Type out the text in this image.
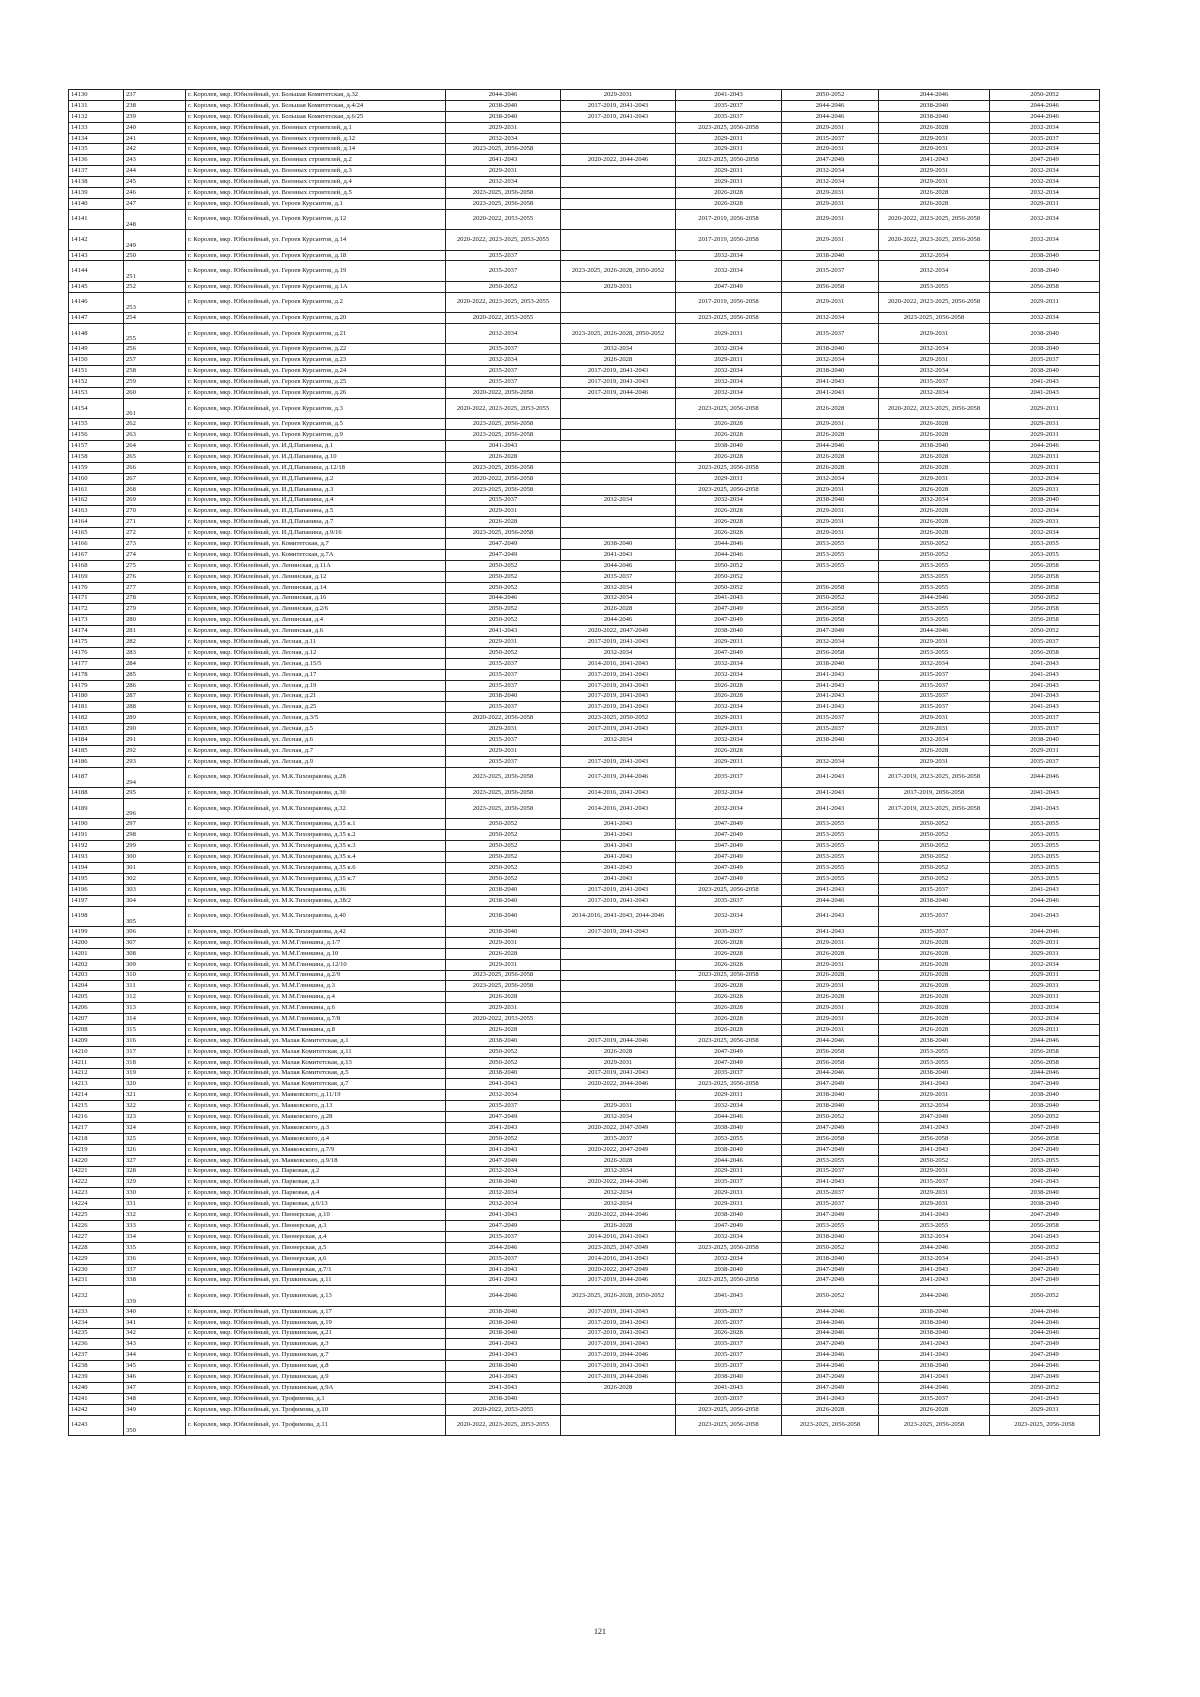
14130	237	г. Королев, мкр. Юбилейный, ул. Большая Комитетская, д.32	2044-2046	2029-2031	2041-2043	2050-2052	2044-2046	2050-2052
14131	238	г. Королев, мкр. Юбилейный, ул. Большая Комитетская, д.4/24	2038-2040	2017-2019, 2041-2043	2035-2037	2044-2046	2038-2040	2044-2046
14132	239	г. Королев, мкр. Юбилейный, ул. Большая Комитетская, д.6/25	2038-2040	2017-2019, 2041-2043	2035-2037	2044-2046	2038-2040	2044-2046
14133	240	г. Королев, мкр. Юбилейный, ул. Военных строителей, д.1	2029-2031		2023-2025, 2056-2058	2029-2031	2026-2028	2032-2034
14134	241	г. Королев, мкр. Юбилейный, ул. Военных строителей, д.12	2032-2034		2029-2031	2035-2037	2029-2031	2035-2037
14135	242	г. Королев, мкр. Юбилейный, ул. Военных строителей, д.14	2023-2025, 2056-2058		2029-2031	2029-2031	2029-2031	2032-2034
14136	243	г. Королев, мкр. Юбилейный, ул. Военных строителей, д.2	2041-2043	2020-2022, 2044-2046	2023-2025, 2056-2058	2047-2049	2041-2043	2047-2049
14137	244	г. Королев, мкр. Юбилейный, ул. Военных строителей, д.3	2029-2031		2029-2031	2032-2034	2029-2031	2032-2034
14138	245	г. Королев, мкр. Юбилейный, ул. Военных строителей, д.4	2032-2034		2029-2031	2032-2034	2029-2031	2032-2034
14139	246	г. Королев, мкр. Юбилейный, ул. Военных строителей, д.5	2023-2025, 2056-2058		2026-2028	2029-2031	2026-2028	2032-2034
14140	247	г. Королев, мкр. Юбилейный, ул. Героев Курсантов, д.1	2023-2025, 2056-2058		2026-2028	2029-2031	2026-2028	2029-2031
14141	248	г. Королев, мкр. Юбилейный, ул. Героев Курсантов, д.12	2020-2022, 2053-2055		2017-2019, 2056-2058	2029-2031	2020-2022, 2023-2025, 2056-2058	2032-2034
14142	249	г. Королев, мкр. Юбилейный, ул. Героев Курсантов, д.14	2020-2022, 2023-2025, 2053-2055		2017-2019, 2056-2058	2029-2031	2020-2022, 2023-2025, 2056-2058	2032-2034
14143	250	г. Королев, мкр. Юбилейный, ул. Героев Курсантов, д.18	2035-2037		2032-2034	2038-2040	2032-2034	2038-2040
14144	251	г. Королев, мкр. Юбилейный, ул. Героев Курсантов, д.19	2035-2037	2023-2025, 2026-2028, 2050-2052	2032-2034	2035-2037	2032-2034	2038-2040
14145	252	г. Королев, мкр. Юбилейный, ул. Героев Курсантов, д.1А	2050-2052	2029-2031	2047-2049	2056-2058	2053-2055	2056-2058
14146	253	г. Королев, мкр. Юбилейный, ул. Героев Курсантов, д.2	2020-2022, 2023-2025, 2053-2055		2017-2019, 2056-2058	2029-2031	2020-2022, 2023-2025, 2056-2058	2029-2031
14147	254	г. Королев, мкр. Юбилейный, ул. Героев Курсантов, д.20	2020-2022, 2053-2055		2023-2025, 2056-2058	2032-2034	2023-2025, 2056-2058	2032-2034
14148	255	г. Королев, мкр. Юбилейный, ул. Героев Курсантов, д.21	2032-2034	2023-2025, 2026-2028, 2050-2052	2029-2031	2035-2037	2029-2031	2038-2040
14149	256	г. Королев, мкр. Юбилейный, ул. Героев Курсантов, д.22	2035-2037	2032-2034	2032-2034	2038-2040	2032-2034	2038-2040
14150	257	г. Королев, мкр. Юбилейный, ул. Героев Курсантов, д.23	2032-2034	2026-2028	2029-2031	2032-2034	2029-2031	2035-2037
14151	258	г. Королев, мкр. Юбилейный, ул. Героев Курсантов, д.24	2035-2037	2017-2019, 2041-2043	2032-2034	2038-2040	2032-2034	2038-2040
14152	259	г. Королев, мкр. Юбилейный, ул. Героев Курсантов, д.25	2035-2037	2017-2019, 2041-2043	2032-2034	2041-2043	2035-2037	2041-2043
14153	260	г. Королев, мкр. Юбилейный, ул. Героев Курсантов, д.26	2020-2022, 2056-2058	2017-2019, 2044-2046	2032-2034	2041-2043	2032-2034	2041-2043
14154	261	г. Королев, мкр. Юбилейный, ул. Героев Курсантов, д.3	2020-2022, 2023-2025, 2053-2055		2023-2025, 2056-2058	2026-2028	2020-2022, 2023-2025, 2056-2058	2029-2031
14155	262	г. Королев, мкр. Юбилейный, ул. Героев Курсантов, д.5	2023-2025, 2056-2058		2026-2028	2029-2031	2026-2028	2029-2031
14156	263	г. Королев, мкр. Юбилейный, ул. Героев Курсантов, д.9	2023-2025, 2056-2058		2026-2028	2026-2028	2026-2028	2029-2031
14157	264	г. Королев, мкр. Юбилейный, ул. И.Д.Папанина, д.1	2041-2043		2038-2040	2044-2046	2038-2040	2044-2046
14158	265	г. Королев, мкр. Юбилейный, ул. И.Д.Папанина, д.10	2026-2028		2026-2028	2026-2028	2026-2028	2029-2031
14159	266	г. Королев, мкр. Юбилейный, ул. И.Д.Папанина, д.12/18	2023-2025, 2056-2058		2023-2025, 2056-2058	2026-2028	2026-2028	2029-2031
14160	267	г. Королев, мкр. Юбилейный, ул. И.Д.Папанина, д.2	2020-2022, 2056-2058		2029-2031	2032-2034	2029-2031	2032-2034
14161	268	г. Королев, мкр. Юбилейный, ул. И.Д.Папанина, д.3	2023-2025, 2056-2058		2023-2025, 2056-2058	2029-2031	2026-2028	2029-2031
14162	269	г. Королев, мкр. Юбилейный, ул. И.Д.Папанина, д.4	2035-2037	2032-2034	2032-2034	2038-2040	2032-2034	2038-2040
14163	270	г. Королев, мкр. Юбилейный, ул. И.Д.Папанина, д.5	2029-2031		2026-2028	2029-2031	2026-2028	2032-2034
14164	271	г. Королев, мкр. Юбилейный, ул. И.Д.Папанина, д.7	2026-2028		2026-2028	2029-2031	2026-2028	2029-2031
14165	272	г. Королев, мкр. Юбилейный, ул. И.Д.Папанина, д.9/16	2023-2025, 2056-2058		2026-2028	2029-2031	2026-2028	2032-2034
14166	273	г. Королев, мкр. Юбилейный, ул. Комитетская, д.7	2047-2049	2038-2040	2044-2046	2053-2055	2050-2052	2053-2055
14167	274	г. Королев, мкр. Юбилейный, ул. Комитетская, д.7А	2047-2049	2041-2043	2044-2046	2053-2055	2050-2052	2053-2055
14168	275	г. Королев, мкр. Юбилейный, ул. Ленинская, д.11А	2050-2052	2044-2046	2050-2052	2053-2055	2053-2055	2056-2058
14169	276	г. Королев, мкр. Юбилейный, ул. Ленинская, д.12	2050-2052	2035-2037	2050-2052		2053-2055	2056-2058
14170	277	г. Королев, мкр. Юбилейный, ул. Ленинская, д.14	2050-2052	2032-2034	2050-2052	2056-2058	2053-2055	2056-2058
14171	278	г. Королев, мкр. Юбилейный, ул. Ленинская, д.16	2044-2046	2032-2034	2041-2043	2050-2052	2044-2046	2050-2052
14172	279	г. Королев, мкр. Юбилейный, ул. Ленинская, д.2/6	2050-2052	2026-2028	2047-2049	2056-2058	2053-2055	2056-2058
14173	280	г. Королев, мкр. Юбилейный, ул. Ленинская, д.4	2050-2052	2044-2046	2047-2049	2056-2058	2053-2055	2056-2058
14174	281	г. Королев, мкр. Юбилейный, ул. Ленинская, д.6	2041-2043	2020-2022, 2047-2049	2038-2040	2047-2049	2044-2046	2050-2052
14175	282	г. Королев, мкр. Юбилейный, ул. Лесная, д.11	2029-2031	2017-2019, 2041-2043	2029-2031	2032-2034	2029-2031	2035-2037
14176	283	г. Королев, мкр. Юбилейный, ул. Лесная, д.12	2050-2052	2032-2034	2047-2049	2056-2058	2053-2055	2056-2058
14177	284	г. Королев, мкр. Юбилейный, ул. Лесная, д.15/5	2035-2037	2014-2016, 2041-2043	2032-2034	2038-2040	2032-2034	2041-2043
14178	285	г. Королев, мкр. Юбилейный, ул. Лесная, д.17	2035-2037	2017-2019, 2041-2043	2032-2034	2041-2043	2035-2037	2041-2043
14179	286	г. Королев, мкр. Юбилейный, ул. Лесная, д.19	2035-2037	2017-2019, 2041-2043	2026-2028	2041-2043	2035-2037	2041-2043
14180	287	г. Королев, мкр. Юбилейный, ул. Лесная, д.21	2038-2040	2017-2019, 2041-2043	2026-2028	2041-2043	2035-2037	2041-2043
14181	288	г. Королев, мкр. Юбилейный, ул. Лесная, д.25	2035-2037	2017-2019, 2041-2043	2032-2034	2041-2043	2035-2037	2041-2043
14182	289	г. Королев, мкр. Юбилейный, ул. Лесная, д.3/5	2020-2022, 2056-2058	2023-2025, 2050-2052	2029-2031	2035-2037	2029-2031	2035-2037
14183	290	г. Королев, мкр. Юбилейный, ул. Лесная, д.5	2029-2031	2017-2019, 2041-2043	2029-2031	2035-2037	2029-2031	2035-2037
14184	291	г. Королев, мкр. Юбилейный, ул. Лесная, д.6	2035-2037	2032-2034	2032-2034	2038-2040	2032-2034	2038-2040
14185	292	г. Королев, мкр. Юбилейный, ул. Лесная, д.7	2029-2031		2026-2028		2026-2028	2029-2031
14186	293	г. Королев, мкр. Юбилейный, ул. Лесная, д.9	2035-2037	2017-2019, 2041-2043	2029-2031	2032-2034	2029-2031	2035-2037
14187	294	г. Королев, мкр. Юбилейный, ул. М.К.Тихонравова, д.28	2023-2025, 2056-2058	2017-2019, 2044-2046	2035-2037	2041-2043	2017-2019, 2023-2025, 2056-2058	2044-2046
14188	295	г. Королев, мкр. Юбилейный, ул. М.К.Тихонравова, д.30	2023-2025, 2056-2058	2014-2016, 2041-2043	2032-2034	2041-2043	2017-2019, 2056-2058	2041-2043
14189	296	г. Королев, мкр. Юбилейный, ул. М.К.Тихонравова, д.32	2023-2025, 2056-2058	2014-2016, 2041-2043	2032-2034	2041-2043	2017-2019, 2023-2025, 2056-2058	2041-2043
14190	297	г. Королев, мкр. Юбилейный, ул. М.К.Тихонравова, д.35 к.1	2050-2052	2041-2043	2047-2049	2053-2055	2050-2052	2053-2055
14191	298	г. Королев, мкр. Юбилейный, ул. М.К.Тихонравова, д.35 к.2	2050-2052	2041-2043	2047-2049	2053-2055	2050-2052	2053-2055
14192	299	г. Королев, мкр. Юбилейный, ул. М.К.Тихонравова, д.35 к.3	2050-2052	2041-2043	2047-2049	2053-2055	2050-2052	2053-2055
14193	300	г. Королев, мкр. Юбилейный, ул. М.К.Тихонравова, д.35 к.4	2050-2052	2041-2043	2047-2049	2053-2055	2050-2052	2053-2055
14194	301	г. Королев, мкр. Юбилейный, ул. М.К.Тихонравова, д.35 к.6	2050-2052	2041-2043	2047-2049	2053-2055	2050-2052	2053-2055
14195	302	г. Королев, мкр. Юбилейный, ул. М.К.Тихонравова, д.35 к.7	2050-2052	2041-2043	2047-2049	2053-2055	2050-2052	2053-2055
14196	303	г. Королев, мкр. Юбилейный, ул. М.К.Тихонравова, д.36	2038-2040	2017-2019, 2041-2043	2023-2025, 2056-2058	2041-2043	2035-2037	2041-2043
14197	304	г. Королев, мкр. Юбилейный, ул. М.К.Тихонравова, д.38/2	2038-2040	2017-2019, 2041-2043	2035-2037	2044-2046	2038-2040	2044-2046
14198	305	г. Королев, мкр. Юбилейный, ул. М.К.Тихонравова, д.40	2038-2040	2014-2016, 2041-2043, 2044-2046	2032-2034	2041-2043	2035-2037	2041-2043
14199	306	г. Королев, мкр. Юбилейный, ул. М.К.Тихонравова, д.42	2038-2040	2017-2019, 2041-2043	2035-2037	2041-2043	2035-2037	2044-2046
14200	307	г. Королев, мкр. Юбилейный, ул. М.М.Глинкина, д.1/7	2029-2031		2026-2028	2029-2031	2026-2028	2029-2031
14201	308	г. Королев, мкр. Юбилейный, ул. М.М.Глинкина, д.10	2026-2028		2026-2028	2026-2028	2026-2028	2029-2031
14202	309	г. Королев, мкр. Юбилейный, ул. М.М.Глинкина, д.12/10	2029-2031		2026-2028	2029-2031	2026-2028	2032-2034
14203	310	г. Королев, мкр. Юбилейный, ул. М.М.Глинкина, д.2/9	2023-2025, 2056-2058		2023-2025, 2056-2058	2026-2028	2026-2028	2029-2031
14204	311	г. Королев, мкр. Юбилейный, ул. М.М.Глинкина, д.3	2023-2025, 2056-2058		2026-2028	2029-2031	2026-2028	2029-2031
14205	312	г. Королев, мкр. Юбилейный, ул. М.М.Глинкина, д.4	2026-2028		2026-2028	2026-2028	2026-2028	2029-2031
14206	313	г. Королев, мкр. Юбилейный, ул. М.М.Глинкина, д.6	2029-2031		2026-2028	2029-2031	2026-2028	2032-2034
14207	314	г. Королев, мкр. Юбилейный, ул. М.М.Глинкина, д.7/8	2020-2022, 2053-2055		2026-2028	2029-2031	2026-2028	2032-2034
14208	315	г. Королев, мкр. Юбилейный, ул. М.М.Глинкина, д.8	2026-2028		2026-2028	2029-2031	2026-2028	2029-2031
14209	316	г. Королев, мкр. Юбилейный, ул. Малая Комитетская, д.1	2038-2040	2017-2019, 2044-2046	2023-2025, 2056-2058	2044-2046	2038-2040	2044-2046
14210	317	г. Королев, мкр. Юбилейный, ул. Малая Комитетская, д.11	2050-2052	2026-2028	2047-2049	2056-2058	2053-2055	2056-2058
14211	318	г. Королев, мкр. Юбилейный, ул. Малая Комитетская, д.13	2050-2052	2029-2031	2047-2049	2056-2058	2053-2055	2056-2058
14212	319	г. Королев, мкр. Юбилейный, ул. Малая Комитетская, д.5	2038-2040	2017-2019, 2041-2043	2035-2037	2044-2046	2038-2040	2044-2046
14213	320	г. Королев, мкр. Юбилейный, ул. Малая Комитетская, д.7	2041-2043	2020-2022, 2044-2046	2023-2025, 2056-2058	2047-2049	2041-2043	2047-2049
14214	321	г. Королев, мкр. Юбилейный, ул. Маяковского, д.11/19	2032-2034		2029-2031	2038-2040	2029-2031	2038-2040
14215	322	г. Королев, мкр. Юбилейный, ул. Маяковского, д.13	2035-2037	2029-2031	2032-2034	2038-2040	2032-2034	2038-2040
14216	323	г. Королев, мкр. Юбилейный, ул. Маяковского, д.28	2047-2049	2032-2034	2044-2046	2050-2052	2047-2049	2050-2052
14217	324	г. Королев, мкр. Юбилейный, ул. Маяковского, д.3	2041-2043	2020-2022, 2047-2049	2038-2040	2047-2049	2041-2043	2047-2049
14218	325	г. Королев, мкр. Юбилейный, ул. Маяковского, д.4	2050-2052	2035-2037	2053-2055	2056-2058	2056-2058	2056-2058
14219	326	г. Королев, мкр. Юбилейный, ул. Маяковского, д.7/9	2041-2043	2020-2022, 2047-2049	2038-2040	2047-2049	2041-2043	2047-2049
14220	327	г. Королев, мкр. Юбилейный, ул. Маяковского, д.9/18	2047-2049	2026-2028	2044-2046	2053-2055	2050-2052	2053-2055
14221	328	г. Королев, мкр. Юбилейный, ул. Парковая, д.2	2032-2034	2032-2034	2029-2031	2035-2037	2029-2031	2038-2040
14222	329	г. Королев, мкр. Юбилейный, ул. Парковая, д.3	2038-2040	2020-2022, 2044-2046	2035-2037	2041-2043	2035-2037	2041-2043
14223	330	г. Королев, мкр. Юбилейный, ул. Парковая, д.4	2032-2034	2032-2034	2029-2031	2035-2037	2029-2031	2038-2040
14224	331	г. Королев, мкр. Юбилейный, ул. Парковая, д.6/13	2032-2034	2032-2034	2029-2031	2035-2037	2029-2031	2038-2040
14225	332	г. Королев, мкр. Юбилейный, ул. Пионерская, д.10	2041-2043	2020-2022, 2044-2046	2038-2040	2047-2049	2041-2043	2047-2049
14226	333	г. Королев, мкр. Юбилейный, ул. Пионерская, д.3	2047-2049	2026-2028	2047-2049	2053-2055	2053-2055	2056-2058
14227	334	г. Королев, мкр. Юбилейный, ул. Пионерская, д.4	2035-2037	2014-2016, 2041-2043	2032-2034	2038-2040	2032-2034	2041-2043
14228	335	г. Королев, мкр. Юбилейный, ул. Пионерская, д.5	2044-2046	2023-2025, 2047-2049	2023-2025, 2056-2058	2050-2052	2044-2046	2050-2052
14229	336	г. Королев, мкр. Юбилейный, ул. Пионерская, д.6	2035-2037	2014-2016, 2041-2043	2032-2034	2038-2040	2032-2034	2041-2043
14230	337	г. Королев, мкр. Юбилейный, ул. Пионерская, д.7/1	2041-2043	2020-2022, 2047-2049	2038-2040	2047-2049	2041-2043	2047-2049
14231	338	г. Королев, мкр. Юбилейный, ул. Пушкинская, д.11	2041-2043	2017-2019, 2044-2046	2023-2025, 2056-2058	2047-2049	2041-2043	2047-2049
14232	339	г. Королев, мкр. Юбилейный, ул. Пушкинская, д.13	2044-2046	2023-2025, 2026-2028, 2050-2052	2041-2043	2050-2052	2044-2046	2050-2052
14233	340	г. Королев, мкр. Юбилейный, ул. Пушкинская, д.17	2038-2040	2017-2019, 2041-2043	2035-2037	2044-2046	2038-2040	2044-2046
14234	341	г. Королев, мкр. Юбилейный, ул. Пушкинская, д.19	2038-2040	2017-2019, 2041-2043	2035-2037	2044-2046	2038-2040	2044-2046
14235	342	г. Королев, мкр. Юбилейный, ул. Пушкинская, д.21	2038-2040	2017-2019, 2041-2043	2026-2028	2044-2046	2038-2040	2044-2046
14236	343	г. Королев, мкр. Юбилейный, ул. Пушкинская, д.3	2041-2043	2017-2019, 2041-2043	2035-2037	2047-2049	2041-2043	2047-2049
14237	344	г. Королев, мкр. Юбилейный, ул. Пушкинская, д.7	2041-2043	2017-2019, 2044-2046	2035-2037	2044-2046	2041-2043	2047-2049
14238	345	г. Королев, мкр. Юбилейный, ул. Пушкинская, д.8	2038-2040	2017-2019, 2041-2043	2035-2037	2044-2046	2038-2040	2044-2046
14239	346	г. Королев, мкр. Юбилейный, ул. Пушкинская, д.9	2041-2043	2017-2019, 2044-2046	2038-2040	2047-2049	2041-2043	2047-2049
14240	347	г. Королев, мкр. Юбилейный, ул. Пушкинская, д.9А	2041-2043	2026-2028	2041-2043	2047-2049	2044-2046	2050-2052
14241	348	г. Королев, мкр. Юбилейный, ул. Трофимова, д.1	2038-2040		2035-2037	2041-2043	2035-2037	2041-2043
14242	349	г. Королев, мкр. Юбилейный, ул. Трофимова, д.10	2020-2022, 2053-2055		2023-2025, 2056-2058	2026-2028	2026-2028	2029-2031
14243	350	г. Королев, мкр. Юбилейный, ул. Трофимова, д.11	2020-2022, 2023-2025, 2053-2055		2023-2025, 2056-2058	2023-2025, 2056-2058	2023-2025, 2056-2058	2023-2025, 2056-2058
121
